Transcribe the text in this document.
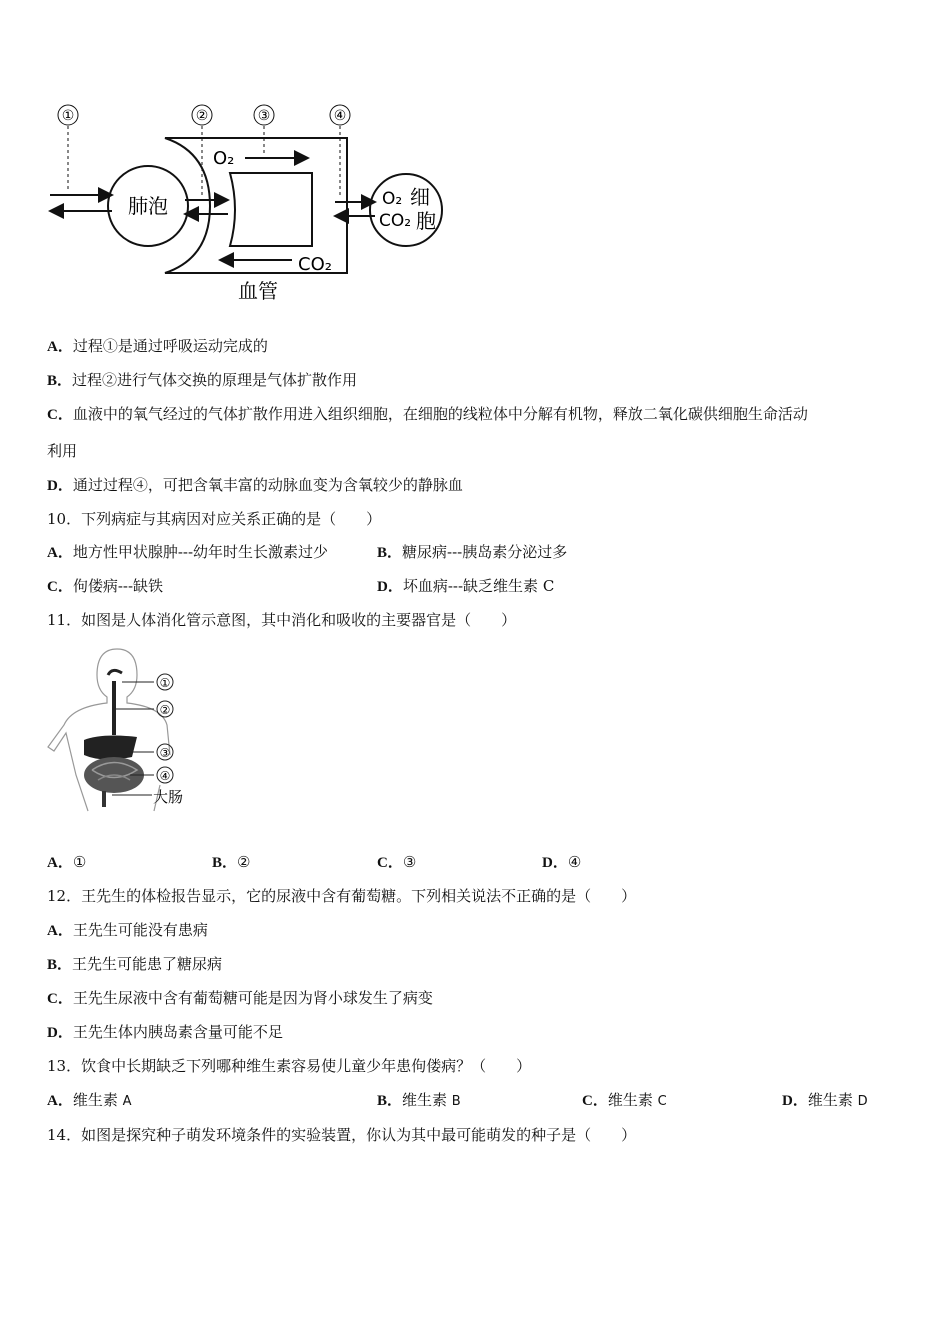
①	②	③	④
肺泡
O₂
CO₂
O₂
CO₂
细
胞
血管
A．过程①是通过呼吸运动完成的
B．过程②进行气体交换的原理是气体扩散作用
C．血液中的氧气经过的气体扩散作用进入组织细胞，在细胞的线粒体中分解有机物，释放二氧化碳供细胞生命活动
利用
D．通过过程④，可把含氧丰富的动脉血变为含氧较少的静脉血
10．下列病症与其病因对应关系正确的是（　　）
A．地方性甲状腺肿---幼年时生长激素过少	B．糖尿病---胰岛素分泌过多
C．佝偻病---缺铁	D．坏血病---缺乏维生素 C
11．如图是人体消化管示意图，其中消化和吸收的主要器官是（　　）
①
②
③
④
大肠
A．①	B．②	C．③	D．④
12．王先生的体检报告显示，它的尿液中含有葡萄糖。下列相关说法不正确的是（　　）
A．王先生可能没有患病
B．王先生可能患了糖尿病
C．王先生尿液中含有葡萄糖可能是因为肾小球发生了病变
D．王先生体内胰岛素含量可能不足
13．饮食中长期缺乏下列哪种维生素容易使儿童少年患佝偻病？（　　）
A．维生素 A	B．维生素 B	C．维生素 C	D．维生素 D
14．如图是探究种子萌发环境条件的实验装置，你认为其中最可能萌发的种子是（　　）
